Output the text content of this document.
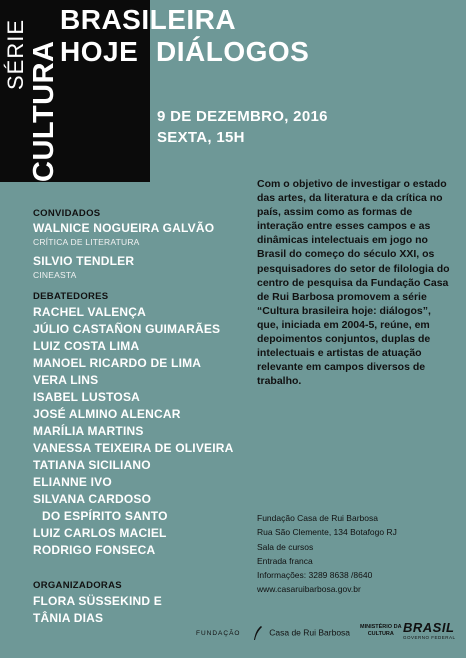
SÉRIE CULTURA
BRASILEIRA
HOJE DIÁLOGOS
9 DE DEZEMBRO, 2016
SEXTA, 15H
CONVIDADOS
WALNICE NOGUEIRA GALVÃO
CRÍTICA DE LITERATURA
SILVIO TENDLER
CINEASTA
DEBATEDORES
RACHEL VALENÇA
JÚLIO CASTAÑON GUIMARÃES
LUIZ COSTA LIMA
MANOEL RICARDO DE LIMA
VERA LINS
ISABEL LUSTOSA
JOSÉ ALMINO ALENCAR
MARÍLIA MARTINS
VANESSA TEIXEIRA DE OLIVEIRA
TATIANA SICILIANO
ELIANNE IVO
SILVANA CARDOSO
DO ESPÍRITO SANTO
LUIZ CARLOS MACIEL
RODRIGO FONSECA
ORGANIZADORAS
FLORA SÜSSEKIND E
TÂNIA DIAS
Com o objetivo de investigar o estado das artes, da literatura e da crítica no país, assim como as formas de interação entre esses campos e as dinâmicas intelectuais em jogo no Brasil do começo do século XXI, os pesquisadores do setor de filologia do centro de pesquisa da Fundação Casa de Rui Barbosa promovem a série “Cultura brasileira hoje: diálogos”, que, iniciada em 2004-5, reúne, em depoimentos conjuntos, duplas de intelectuais e artistas de atuação relevante em campos diversos de trabalho.
Fundação Casa de Rui Barbosa
Rua São Clemente, 134 Botafogo RJ
Sala de cursos
Entrada franca
Informações: 3289 8638 /8640
www.casaruibarbosa.gov.br
FUNDAÇÃO	Casa de Rui Barbosa
MINISTÉRIO DA
CULTURA BRASIL
GOVERNO FEDERAL
